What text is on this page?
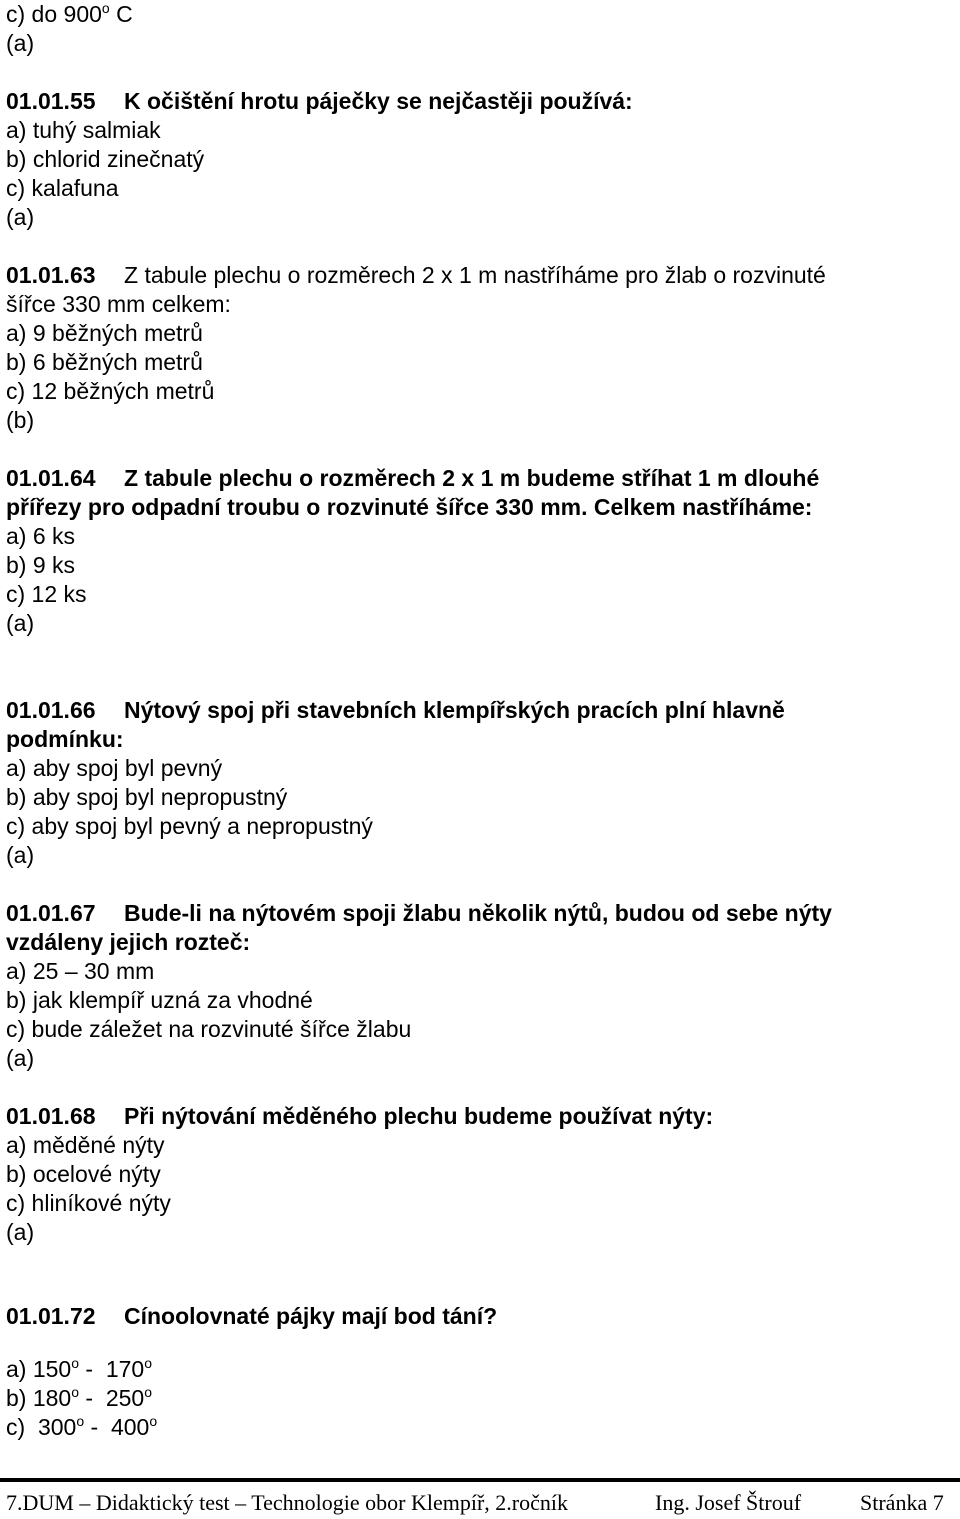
c) do 900$^o$ C
(a)
01.01.55 K očištění hrotu páječky se nejčastěji používá:
a) tuhý salmiak
b) chlorid zinečnatý
c) kalafuna
(a)
01.01.63 Z tabule plechu o rozměrech 2 x 1 m nastříháme pro žlab o rozvinuté
šířce 330 mm celkem:
a) 9 běžných metrů
b) 6 běžných metrů
c) 12 běžných metrů
(b)
01.01.64 Z tabule plechu o rozměrech 2 x 1 m budeme stříhat 1 m dlouhé
přířezy pro odpadní troubu o rozvinuté šířce 330 mm. Celkem nastříháme:
a) 6 ks
b) 9 ks
c) 12 ks
(a)
01.01.66 Nýtový spoj při stavebních klempířských pracích plní hlavně
podmínku:
a) aby spoj byl pevný
b) aby spoj byl nepropustný
c) aby spoj byl pevný a nepropustný
(a)
01.01.67 Bude-li na nýtovém spoji žlabu několik nýtů, budou od sebe nýty
vzdáleny jejich rozteč:
a) 25 – 30 mm
b) jak klempíř uzná za vhodné
c) bude záležet na rozvinuté šířce žlabu
(a)
01.01.68 Při nýtování měděného plechu budeme používat nýty:
a) měděné nýty
b) ocelové nýty
c) hliníkové nýty
(a)
01.01.72 Cínoolovnaté pájky mají bod tání?
a) 150$^o$ -  170$^o$
b) 180$^o$ -  250$^o$
c)  300$^o$ -  400$^o$
7.DUM – Didaktický test – Technologie obor Klempíř, 2.ročník	Ing. Josef Štrouf	Stránka 7
